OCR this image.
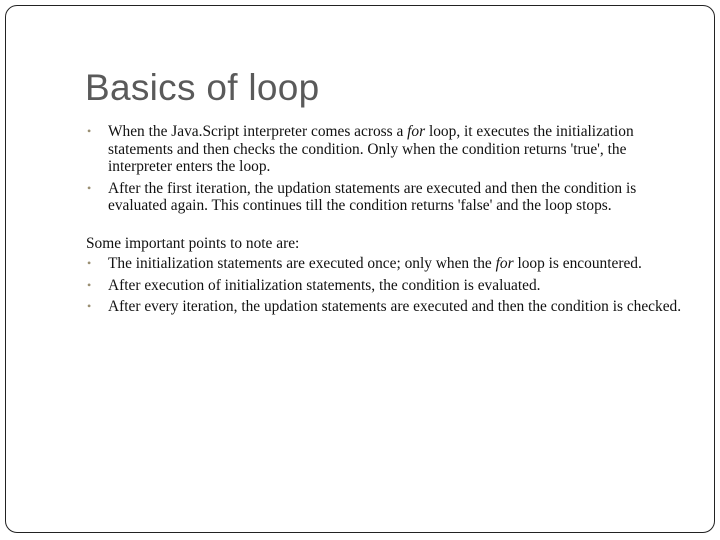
Basics of loop
• When the Java.Script interpreter comes across a for loop, it executes the initialization statements and then checks the condition. Only when the condition returns 'true', the interpreter enters the loop.
• After the first iteration, the updation statements are executed and then the condition is evaluated again. This continues till the condition returns 'false' and the loop stops.
Some important points to note are:
• The initialization statements are executed once; only when the for loop is encountered.
• After execution of initialization statements, the condition is evaluated.
• After every iteration, the updation statements are executed and then the condition is checked.
